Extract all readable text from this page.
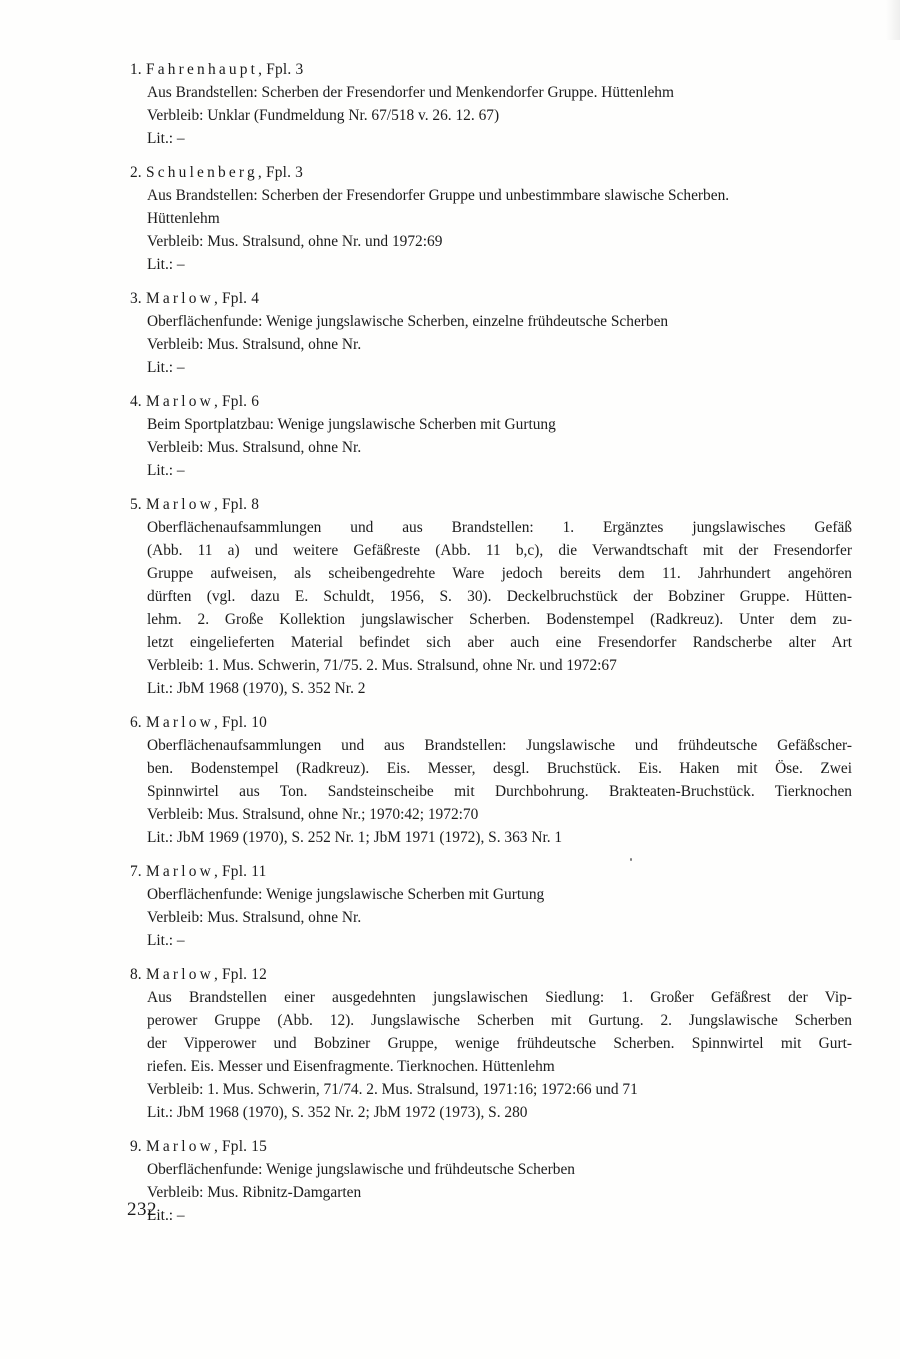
1. Fahrenhaupt, Fpl. 3
Aus Brandstellen: Scherben der Fresendorfer und Menkendorfer Gruppe. Hüttenlehm
Verbleib: Unklar (Fundmeldung Nr. 67/518 v. 26. 12. 67)
Lit.: –
2. Schulenberg, Fpl. 3
Aus Brandstellen: Scherben der Fresendorfer Gruppe und unbestimmbare slawische Scherben.
Hüttenlehm
Verbleib: Mus. Stralsund, ohne Nr. und 1972:69
Lit.: –
3. Marlow, Fpl. 4
Oberflächenfunde: Wenige jungslawische Scherben, einzelne frühdeutsche Scherben
Verbleib: Mus. Stralsund, ohne Nr.
Lit.: –
4. Marlow, Fpl. 6
Beim Sportplatzbau: Wenige jungslawische Scherben mit Gurtung
Verbleib: Mus. Stralsund, ohne Nr.
Lit.: –
5. Marlow, Fpl. 8
Oberflächenaufsammlungen und aus Brandstellen: 1. Ergänztes jungslawisches Gefäß
(Abb. 11 a) und weitere Gefäßreste (Abb. 11 b,c), die Verwandtschaft mit der Fresendorfer
Gruppe aufweisen, als scheibengedrehte Ware jedoch bereits dem 11. Jahrhundert angehören
dürften (vgl. dazu E. Schuldt, 1956, S. 30). Deckelbruchstück der Bobziner Gruppe. Hütten-
lehm. 2. Große Kollektion jungslawischer Scherben. Bodenstempel (Radkreuz). Unter dem zu-
letzt eingelieferten Material befindet sich aber auch eine Fresendorfer Randscherbe alter Art
Verbleib: 1. Mus. Schwerin, 71/75. 2. Mus. Stralsund, ohne Nr. und 1972:67
Lit.: JbM 1968 (1970), S. 352 Nr. 2
6. Marlow, Fpl. 10
Oberflächenaufsammlungen und aus Brandstellen: Jungslawische und frühdeutsche Gefäßscher-
ben. Bodenstempel (Radkreuz). Eis. Messer, desgl. Bruchstück. Eis. Haken mit Öse. Zwei
Spinnwirtel aus Ton. Sandsteinscheibe mit Durchbohrung. Brakteaten-Bruchstück. Tierknochen
Verbleib: Mus. Stralsund, ohne Nr.; 1970:42; 1972:70
Lit.: JbM 1969 (1970), S. 252 Nr. 1; JbM 1971 (1972), S. 363 Nr. 1
7. Marlow, Fpl. 11
Oberflächenfunde: Wenige jungslawische Scherben mit Gurtung
Verbleib: Mus. Stralsund, ohne Nr.
Lit.: –
8. Marlow, Fpl. 12
Aus Brandstellen einer ausgedehnten jungslawischen Siedlung: 1. Großer Gefäßrest der Vip-
perower Gruppe (Abb. 12). Jungslawische Scherben mit Gurtung. 2. Jungslawische Scherben
der Vipperower und Bobziner Gruppe, wenige frühdeutsche Scherben. Spinnwirtel mit Gurt-
riefen. Eis. Messer und Eisenfragmente. Tierknochen. Hüttenlehm
Verbleib: 1. Mus. Schwerin, 71/74. 2. Mus. Stralsund, 1971:16; 1972:66 und 71
Lit.: JbM 1968 (1970), S. 352 Nr. 2; JbM 1972 (1973), S. 280
9. Marlow, Fpl. 15
Oberflächenfunde: Wenige jungslawische und frühdeutsche Scherben
Verbleib: Mus. Ribnitz-Damgarten
Lit.: –
232
